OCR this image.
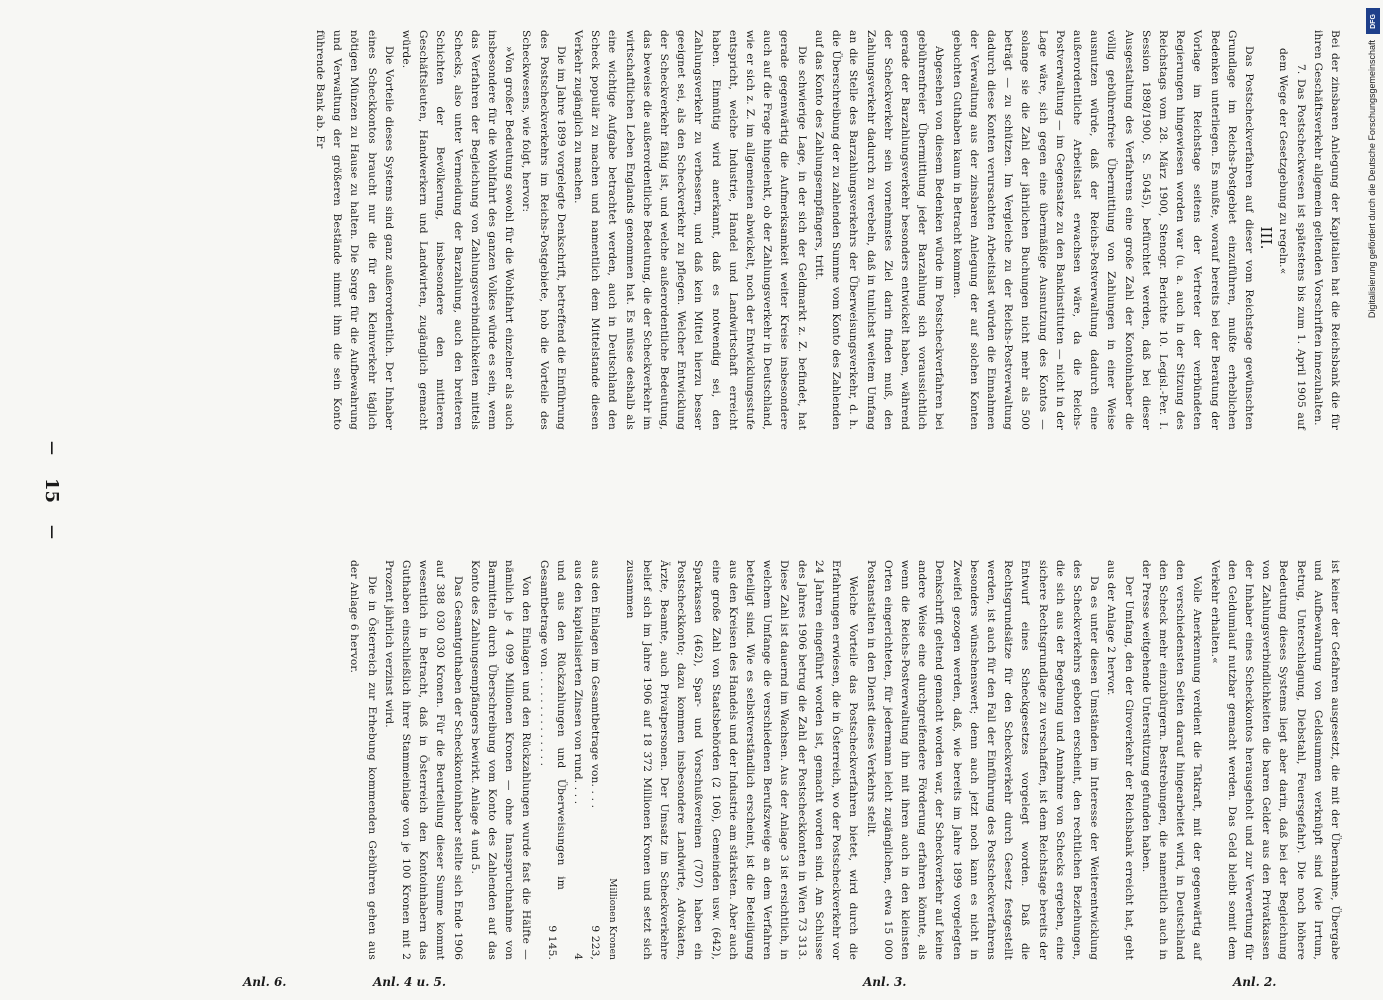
Bei der zinsbaren Anlegung der Kapitalien hat die Reichsbank die für ihren Geschäftsverkehr allgemein geltenden Vorschriften innezuhalten.

7. Das Postscheckwesen ist spätestens bis zum 1. April 1905 auf dem Wege der Gesetzgebung zu regeln.«

III.

Das Postscheckverfahren auf dieser vom Reichstage gewünschten Grundlage im Reichs-Postgebiet einzuführen, mußte erheblichen Bedenken unterliegen. Es mußte, worauf bereits bei der Beratung der Vorlage im Reichstage seitens der Vertreter der verbündeten Regierungen hingewiesen worden war (u. a. auch in der Sitzung des Reichstags vom 28. März 1900, Stenogr. Berichte 10. Legisl.-Per. I. Session 1898/1900, S. 5045), befürchtet werden, daß bei dieser Ausgestaltung des Verfahrens eine große Zahl der Kontoinhaber die völlig gebührenfreie Übermittlung von Zahlungen in einer Weise ausnutzen würde, daß der Reichs-Postverwaltung dadurch eine außerordentliche Arbeitslast erwachsen wäre, da die Reichs-Postverwaltung — im Gegensatze zu den Bankinstituten — nicht in der Lage wäre, sich gegen eine übermäßige Ausnutzung des Kontos — solange sie die Zahl der jährlichen Buchungen nicht mehr als 500 beträgt — zu schützen. Im Vergleiche zu der Reichs-Postverwaltung dadurch diese Konten verursachten Arbeitslast würden die Einnahmen der Verwaltung aus der zinsbaren Anlegung der auf solchen Konten gebuchten Guthaben kaum in Betracht kommen.

Abgesehen von diesem Bedenken würde im Postscheckverfahren bei gebührenfreier Übermittlung jeder Barzahlung sich voraussichtlich gerade der Barzahlungsverkehr besonders entwickelt haben, während der Scheckverkehr sein vornehmstes Ziel darin finden muß, den Zahlungsverkehr dadurch zu verebeln, daß in tunlichst weitem Umfang an die Stelle des Barzahlungsverkehrs der Überweisungsverkehr, d. h. die Überschreibung der zu zahlenden Summe vom Konto des Zahlenden auf das Konto des Zahlungsempfängers, tritt.

Die schwierige Lage, in der sich der Geldmarkt z. Z. befindet, hat gerade gegenwärtig die Aufmerksamkeit weiter Kreise insbesondere auch auf die Frage hingelenkt, ob der Zahlungsverkehr in Deutschland, wie er sich z. Z. im allgemeinen abwickelt, noch der Entwicklungsstufe entspricht, welche Industrie, Handel und Landwirtschaft erreicht haben. Einmütig wird anerkannt, daß es notwendig sei, den Zahlungsverkehr zu verbessern, und daß kein Mittel hierzu besser geeignet sei, als den Scheckverkehr zu pflegen. Welcher Entwicklung der Scheckverkehr fähig ist, und welche außerordentliche Bedeutung, das beweise die außerordentliche Bedeutung, die der Scheckverkehr im wirtschaftlichen Leben Englands genommen hat. Es müsse deshalb als eine wichtige Aufgabe betrachtet werden, auch in Deutschland den Scheck populär zu machen und namentlich dem Mittelstande diesen Verkehr zugänglich zu machen.

Die im Jahre 1899 vorgelegte Denkschrift, betreffend die Einführung des Postscheckverkehrs im Reichs-Postgebiete, hob die Vorteile des Scheckwesens, wie folgt, hervor:

»Von großer Bedeutung sowohl für die Wohlfahrt einzelner als auch insbesondere für die Wohlfahrt des ganzen Volkes würde es sein, wenn das Verfahren der Begleichung von Zahlungsverbindlichkeiten mittels Schecks, also unter Vermeidung der Barzahlung, auch den breiteren Schichten der Bevölkerung, insbesondere den mittleren Geschäftsleuten, Handwerkern und Landwirten, zugänglich gemacht würde.

Die Vorteile dieses Systems sind ganz außerordentlich. Der Inhaber eines Scheckkontos braucht nur die für den Kleinverkehr täglich nötigen Münzen zu Hause zu halten. Die Sorge für die Aufbewahrung und Verwaltung der größeren Bestände nimmt ihm die sein Konto führende Bank ab. Er

ist keiner der Gefahren ausgesetzt, die mit der Übernahme, Übergabe und Aufbewahrung von Geldsummen verknüpft sind (wie Irrtum, Betrug, Unterschlagung, Diebstahl, Feuersgefahr). Die noch höhere Bedeutung dieses Systems liegt aber darin, daß bei der Begleichung von Zahlungsverbindlichkeiten die baren Gelder aus den Privatkassen der Inhaber eines Scheckkontos herausgeholt und zur Verwertung für den Geldumlauf nutzbar gemacht werden. Das Geld bleibt somit dem Verkehr erhalten.«

Volle Anerkennung verdient die Tatkraft, mit der gegenwärtig auf den verschiedensten Seiten darauf hingearbeitet wird, in Deutschland den Scheck mehr einzubürgern. Bestrebungen, die namentlich auch in der Presse weitgehende Unterstützung gefunden haben.

Der Umfang, den der Giroverkehr der Reichsbank erreicht hat, geht aus der Anlage 2 hervor.

Da es unter diesen Umständen im Interesse der Weiterentwicklung des Scheckverkehrs geboten erscheint, den rechtlichen Beziehungen, die sich aus der Begebung und Annahme von Schecks ergeben, eine sichere Rechtsgrundlage zu verschaffen, ist dem Reichstage bereits der Entwurf eines Scheckgesetzes vorgelegt worden. Daß die Rechtsgrundsätze für den Scheckverkehr durch Gesetz festgestellt werden, ist auch für den Fall der Einführung des Postscheckverfahrens besonders wünschenswert; denn auch jetzt noch kann es nicht in Zweifel gezogen werden, daß, wie bereits im Jahre 1899 vorgelegten Denkschrift geltend gemacht worden war, der Scheckverkehr auf keine andere Weise eine durchgreifendere Förderung erfahren könnte, als wenn die Reichs-Postverwaltung ihn mit ihren auch in den kleinsten Orten eingerichteten, für jedermann leicht zugänglichen, etwa 15 000 Postanstalten in den Dienst dieses Verkehrs stellt.

Welche Vorteile das Postscheckverfahren bietet, wird durch die Erfahrungen erwiesen, die in Österreich, wo der Postscheckverkehr vor 24 Jahren eingeführt worden ist, gemacht worden sind. Am Schlusse des Jahres 1906 betrug die Zahl der Postscheckkonten in Wien 73 313. Diese Zahl ist dauernd im Wachsen. Aus der Anlage 3 ist ersichtlich, in welchem Umfange die verschiedenen Berufszweige an dem Verfahren beteiligt sind. Wie es selbstverständlich erscheint, ist die Beteiligung aus den Kreisen des Handels und der Industrie am stärksten. Aber auch eine große Zahl von Staatsbehörden (2 106), Gemeinden usw. (642), Sparkassen (462), Spar- und Vorschußvereinen (707) haben ein Postscheckkonto; dazu kommen insbesondere Landwirte, Advokaten, Ärzte, Beamte, auch Privatpersonen. Der Umsatz im Scheckverkehre belief sich im Jahre 1906 auf 18 372 Millionen Kronen und setzt sich zusammen

Millionen Kronen
aus den Einlagen im Gesamtbetrage von. . . .	9 223,
aus den kapitalisierten Zinsen von rund. . . .	4
und aus den Rückzahlungen und Überweisungen im Gesamtbetrage von . . . . . . . . . . . . . .	9 145.

Von den Einlagen und den Rückzahlungen wurde fast die Hälfte — nämlich je 4 099 Millionen Kronen — ohne Inanspruchnahme von Barmitteln durch Überschreibung vom Konto des Zahlenden auf das Konto des Zahlungsempfängers bewirkt. Anlage 4 und 5.

Das Gesamtguthaben der Scheckkontoinhaber stellte sich Ende 1906 auf 388 030 030 Kronen. Für die Beurteilung dieser Summe kommt wesentlich in Betracht, daß in Österreich den Kontoinhabern das Guthaben einschließlich ihrer Stammeinlage von je 100 Kronen mit 2 Prozent jährlich verzinst wird.

Die in Österreich zur Erhebung kommenden Gebühren gehen aus der Anlage 6 hervor.

Anl. 2.
Anl. 3.
Anl. 4 u. 5.
Anl. 6.
—
15
—
DFG
Digitalisierung gefördert durch die Deutsche Forschungsgemeinschaft
